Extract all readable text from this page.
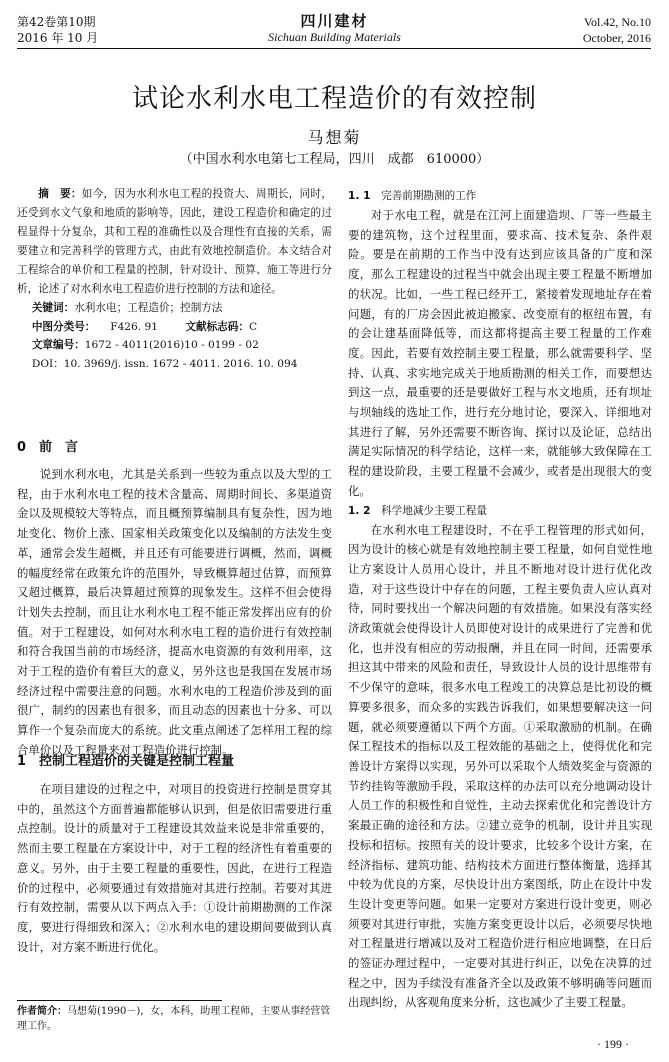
第42卷第10期
2016 年 10 月
四川建材
Sichuan Building Materials
Vol.42, No.10
October, 2016
试论水利水电工程造价的有效控制
马想菊
（中国水利水电第七工程局，四川　成都　610000）

摘　要：如今，因为水利水电工程的投资大、周期长，同时，还受到水文气象和地质的影响等，因此，建设工程造价和确定的过程显得十分复杂，其和工程的准确性以及合理性有直接的关系，需要建立和完善科学的管理方式，由此有效地控制造价。本文结合对工程综合的单价和工程量的控制，针对设计、预算、施工等进行分析，论述了对水利水电工程造价进行控制的方法和途径。

关键词：水利水电；工程造价；控制方法
中图分类号： F426. 91	文献标志码：C
文章编号：1672 - 4011(2016)10 - 0199 - 02
DOI：10. 3969/j. issn. 1672 - 4011. 2016. 10. 094
0　前　言

说到水利水电，尤其是关系到一些较为重点以及大型的工程，由于水利水电工程的技术含量高、周期时间长、多渠道资金以及规模较大等特点，而且概预算编制具有复杂性，因为地址变化、物价上涨、国家相关政策变化以及编制的方法发生变革，通常会发生超概，并且还有可能要进行调概，然而，调概的幅度经常在政策允许的范围外，导致概算超过估算，而预算又超过概算，最后决算超过预算的现象发生。这样不但会使得计划失去控制，而且让水利水电工程不能正常发挥出应有的价值。对于工程建设，如何对水利水电工程的造价进行有效控制和符合我国当前的市场经济，提高水电资源的有效利用率，这对于工程的造价有着巨大的意义，另外这也是我国在发展市场经济过程中需要注意的问题。水利水电的工程造价涉及到的面很广，制约的因素也有很多，而且动态的因素也十分多、可以算作一个复杂而庞大的系统。此文重点阐述了怎样用工程的综合单价以及工程量来对工程造价进行控制。

1　控制工程造价的关键是控制工程量

在项目建设的过程之中，对项目的投资进行控制是贯穿其中的，虽然这个方面普遍都能够认识到，但是依旧需要进行重点控制。设计的质量对于工程建设其效益来说是非常重要的，然而主要工程量在方案设计中，对于工程的经济性有着重要的意义。另外，由于主要工程量的重要性，因此，在进行工程造价的过程中，必须要通过有效措施对其进行控制。若要对其进行有效控制，需要从以下两点入手：①设计前期勘测的工作深度，要进行得细致和深入；②水利水电的建设期间要做到认真设计，对方案不断进行优化。

作者简介：马想菊(1990－)，女，本科，助理工程师，主要从事经营管理工作。
1. 1　 完善前期勘测的工作

对于水电工程，就是在江河上面建造坝、厂等一些最主要的建筑物，这个过程里面，要求高、技术复杂、条件艰险。要是在前期的工作当中没有达到应该具备的广度和深度，那么工程建设的过程当中就会出现主要工程量不断增加的状况。比如，一些工程已经开工，紧接着发现地址存在着问题，有的厂房会因此被迫搬家、改变原有的枢纽布置，有的会让建基面降低等，而这都将提高主要工程量的工作难度。因此，若要有效控制主要工程量，那么就需要科学、坚持、认真、求实地完成关于地质勘测的相关工作，而要想达到这一点，最重要的还是要做好工程与水文地质，还有坝址与坝轴线的选址工作，进行充分地讨论，要深入、详细地对其进行了解，另外还需要不断咨询、探讨以及论证，总结出满足实际情况的科学结论，这样一来，就能够大致保障在工程的建设阶段，主要工程量不会减少，或者是出现很大的变化。

1. 2　 科学地减少主要工程量

在水利水电工程建设时，不在乎工程管理的形式如何，因为设计的核心就是有效地控制主要工程量，如何自觉性地让方案设计人员用心设计，并且不断地对设计进行优化改造，对于这些设计中存在的问题，工程主要负责人应认真对待，同时要找出一个解决问题的有效措施。如果没有落实经济政策就会使得设计人员即使对设计的成果进行了完善和优化，也并没有相应的劳动报酬，并且在同一时间，还需要承担这其中带来的风险和责任，导致设计人员的设计思维带有不少保守的意味，很多水电工程竣工的决算总是比初设的概算要多很多，而众多的实践告诉我们，如果想要解决这一问题，就必须要遵循以下两个方面。①采取激励的机制。在确保工程技术的指标以及工程效能的基础之上，使得优化和完善设计方案得以实现，另外可以采取个人绩效奖金与资源的节约挂钩等激励手段，采取这样的办法可以充分地调动设计人员工作的积极性和自觉性，主动去探索优化和完善设计方案最正确的途径和方法。②建立竞争的机制，设计并且实现投标和招标。按照有关的设计要求，比较多个设计方案，在经济指标、建筑功能、结构技术方面进行整体衡量，选择其中较为优良的方案，尽快设计出方案图纸，防止在设计中发生设计变更等问题。如果一定要对方案进行设计变更，则必须要对其进行审批，实施方案变更设计以后，必须要尽快地对工程量进行增减以及对工程造价进行相应地调整，在日后的签证办理过程中，一定要对其进行纠正，以免在决算的过程之中，因为手续没有准备齐全以及政策不够明确等问题而出现纠纷，从客观角度来分析，这也减少了主要工程量。

· 199 ·
